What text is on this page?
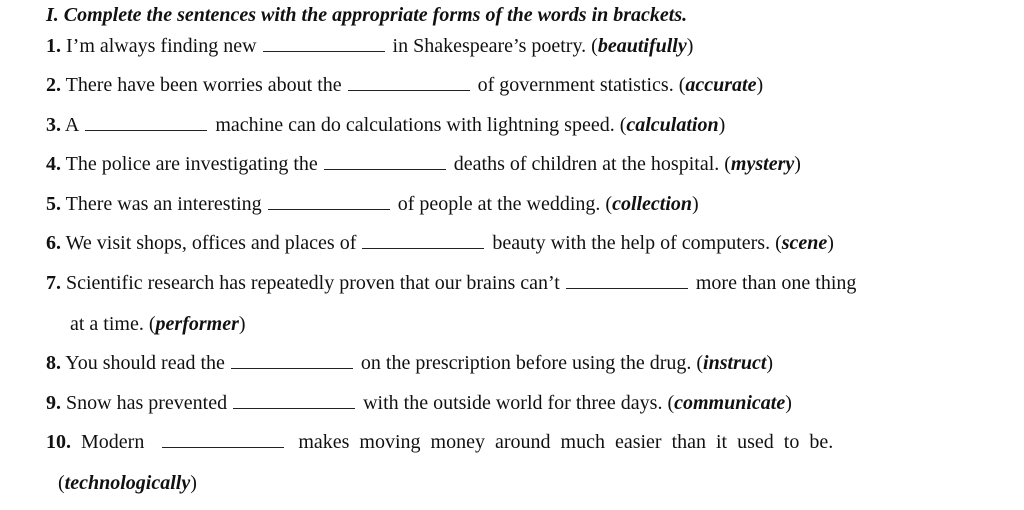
I. Complete the sentences with the appropriate forms of the words in brackets.
1. I’m always finding new	in Shakespeare’s poetry. (beautifully)
2. There have been worries about the	of government statistics. (accurate)
3. A	machine can do calculations with lightning speed. (calculation)
4. The police are investigating the	deaths of children at the hospital. (mystery)
5. There was an interesting	of people at the wedding. (collection)
6. We visit shops, offices and places of	beauty with the help of computers. (scene)
7. Scientific research has repeatedly proven that our brains can’t	more than one thing
at a time. (performer)
8. You should read the	on the prescription before using the drug. (instruct)
9. Snow has prevented	with the outside world for three days. (communicate)
10. Modern	makes moving money around much easier than it used to be.
(technologically)
